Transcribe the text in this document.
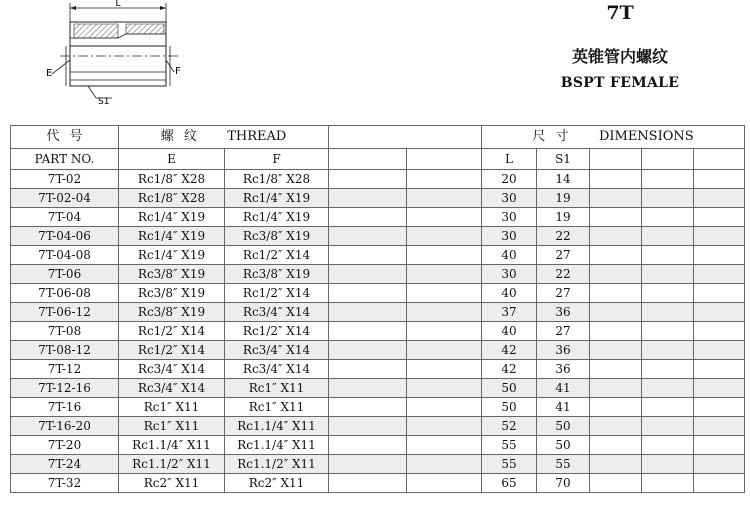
L
E	F
S1
7T
英锥管内螺纹
BSPT FEMALE
代 号	螺 纹   THREAD				尺 寸   DIMENSIONS				
PART NO.	E	F			L	S1			
7T-02	Rc1/8″ X28	Rc1/8″ X28			20	14			
7T-02-04	Rc1/8″ X28	Rc1/4″ X19			30	19			
7T-04	Rc1/4″ X19	Rc1/4″ X19			30	19			
7T-04-06	Rc1/4″ X19	Rc3/8″ X19			30	22			
7T-04-08	Rc1/4″ X19	Rc1/2″ X14			40	27			
7T-06	Rc3/8″ X19	Rc3/8″ X19			30	22			
7T-06-08	Rc3/8″ X19	Rc1/2″ X14			40	27			
7T-06-12	Rc3/8″ X19	Rc3/4″ X14			37	36			
7T-08	Rc1/2″ X14	Rc1/2″ X14			40	27			
7T-08-12	Rc1/2″ X14	Rc3/4″ X14			42	36			
7T-12	Rc3/4″ X14	Rc3/4″ X14			42	36			
7T-12-16	Rc3/4″ X14	Rc1″ X11			50	41			
7T-16	Rc1″ X11	Rc1″ X11			50	41			
7T-16-20	Rc1″ X11	Rc1.1/4″ X11			52	50			
7T-20	Rc1.1/4″ X11	Rc1.1/4″ X11			55	50			
7T-24	Rc1.1/2″ X11	Rc1.1/2″ X11			55	55			
7T-32	Rc2″ X11	Rc2″ X11			65	70			
